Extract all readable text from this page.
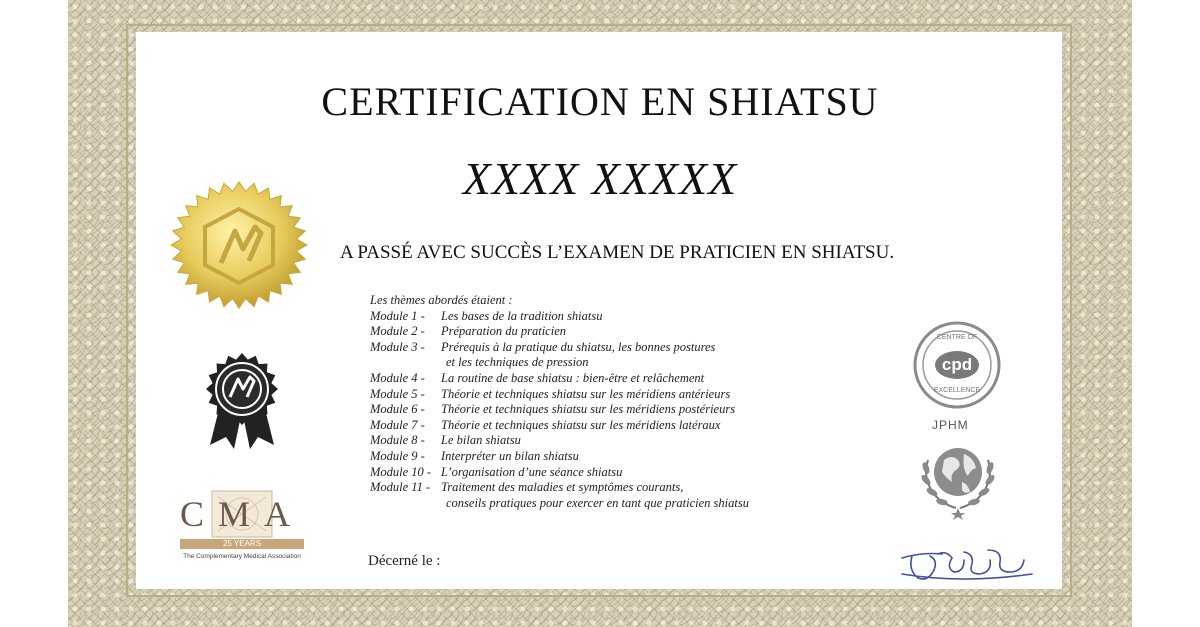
CERTIFICATION EN SHIATSU
XXXX XXXXX
A PASSÉ AVEC SUCCÈS L’EXAMEN DE PRATICIEN EN SHIATSU.
CMA
25 YEARS
The Complementary Medical Association
CENTRE OF
cpd
EXCELLENCE
JPHM
Les thèmes abordés étaient :
Module 1 -	Les bases de la tradition shiatsu
Module 2 -	Préparation du praticien
Module 3 -	Prérequis à la pratique du shiatsu, les bonnes postures
et les techniques de pression
Module 4 -	La routine de base shiatsu : bien-être et relâchement
Module 5 -	Théorie et techniques shiatsu sur les méridiens antérieurs
Module 6 -	Théorie et techniques shiatsu sur les méridiens postérieurs
Module 7 -	Théorie et techniques shiatsu sur les méridiens latéraux
Module 8 -	Le bilan shiatsu
Module 9 -	Interpréter un bilan shiatsu
Module 10 - L’organisation d’une séance shiatsu
Module 11 - Traitement des maladies et symptômes courants,
conseils pratiques pour exercer en tant que praticien shiatsu
Décerné le :
